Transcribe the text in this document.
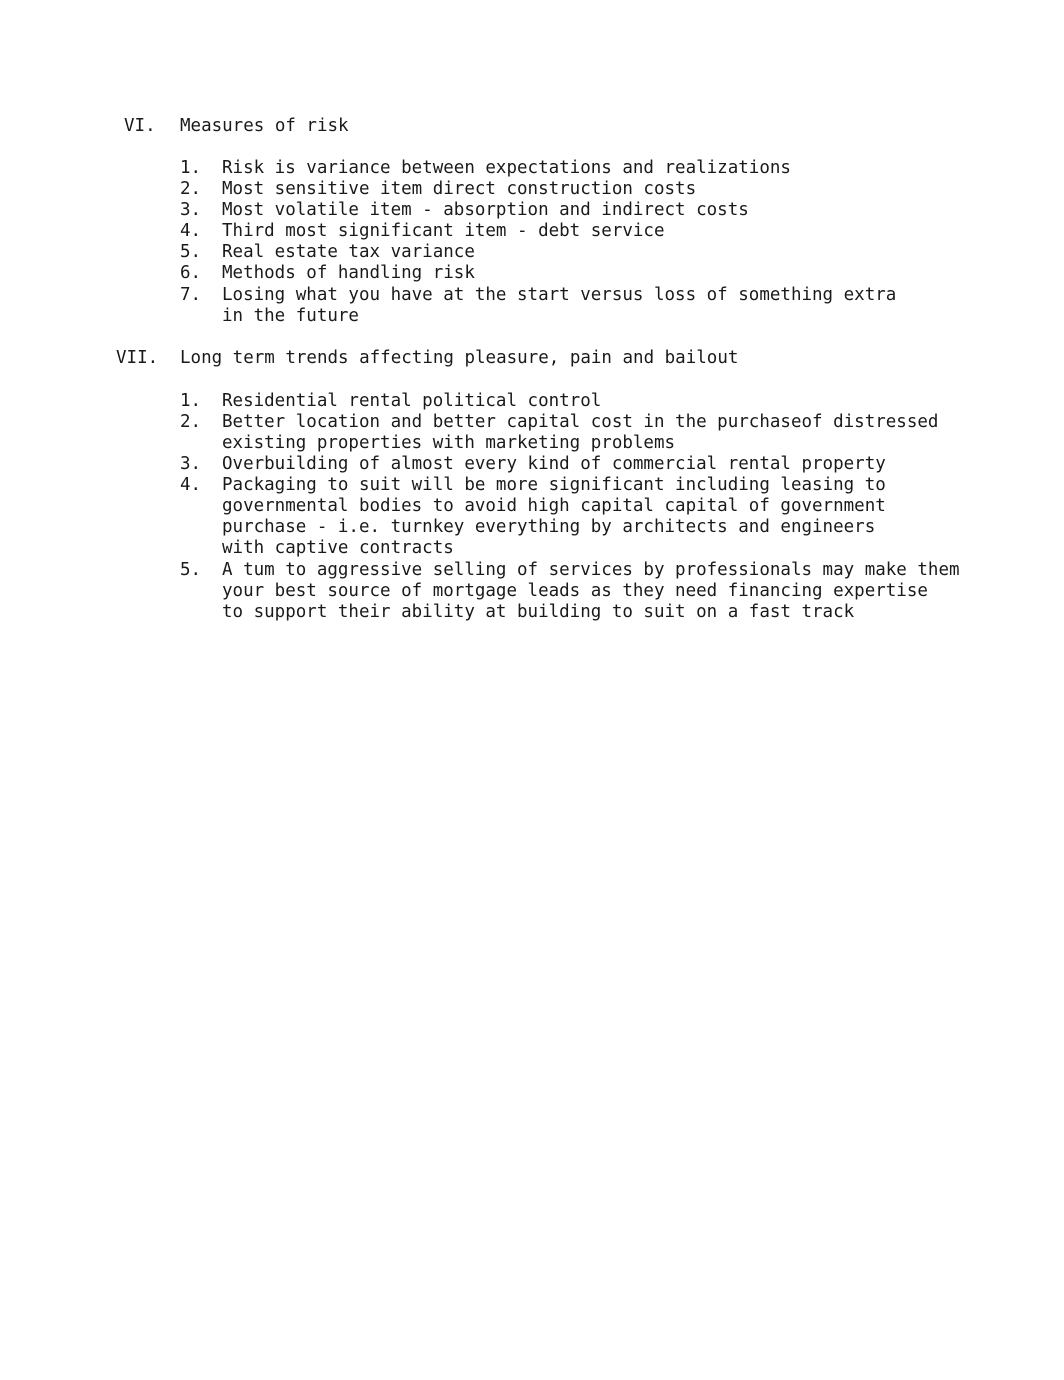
VI. Measures of risk
1. Risk is variance between expectations and realizations
2. Most sensitive item direct construction costs
3. Most volatile item - absorption and indirect costs
4. Third most significant item - debt service
5. Real estate tax variance
6. Methods of handling risk
7. Losing what you have at the start versus loss of something extra
in the future
VII. Long term trends affecting pleasure, pain and bailout
1. Residential rental political control
2. Better location and better capital cost in the purchaseof distressed
existing properties with marketing problems
3. Overbuilding of almost every kind of commercial rental property
4. Packaging to suit will be more significant including leasing to
governmental bodies to avoid high capital capital of government
purchase - i.e. turnkey everything by architects and engineers
with captive contracts
5. A tum to aggressive selling of services by professionals may make them
your best source of mortgage leads as they need financing expertise
to support their ability at building to suit on a fast track
